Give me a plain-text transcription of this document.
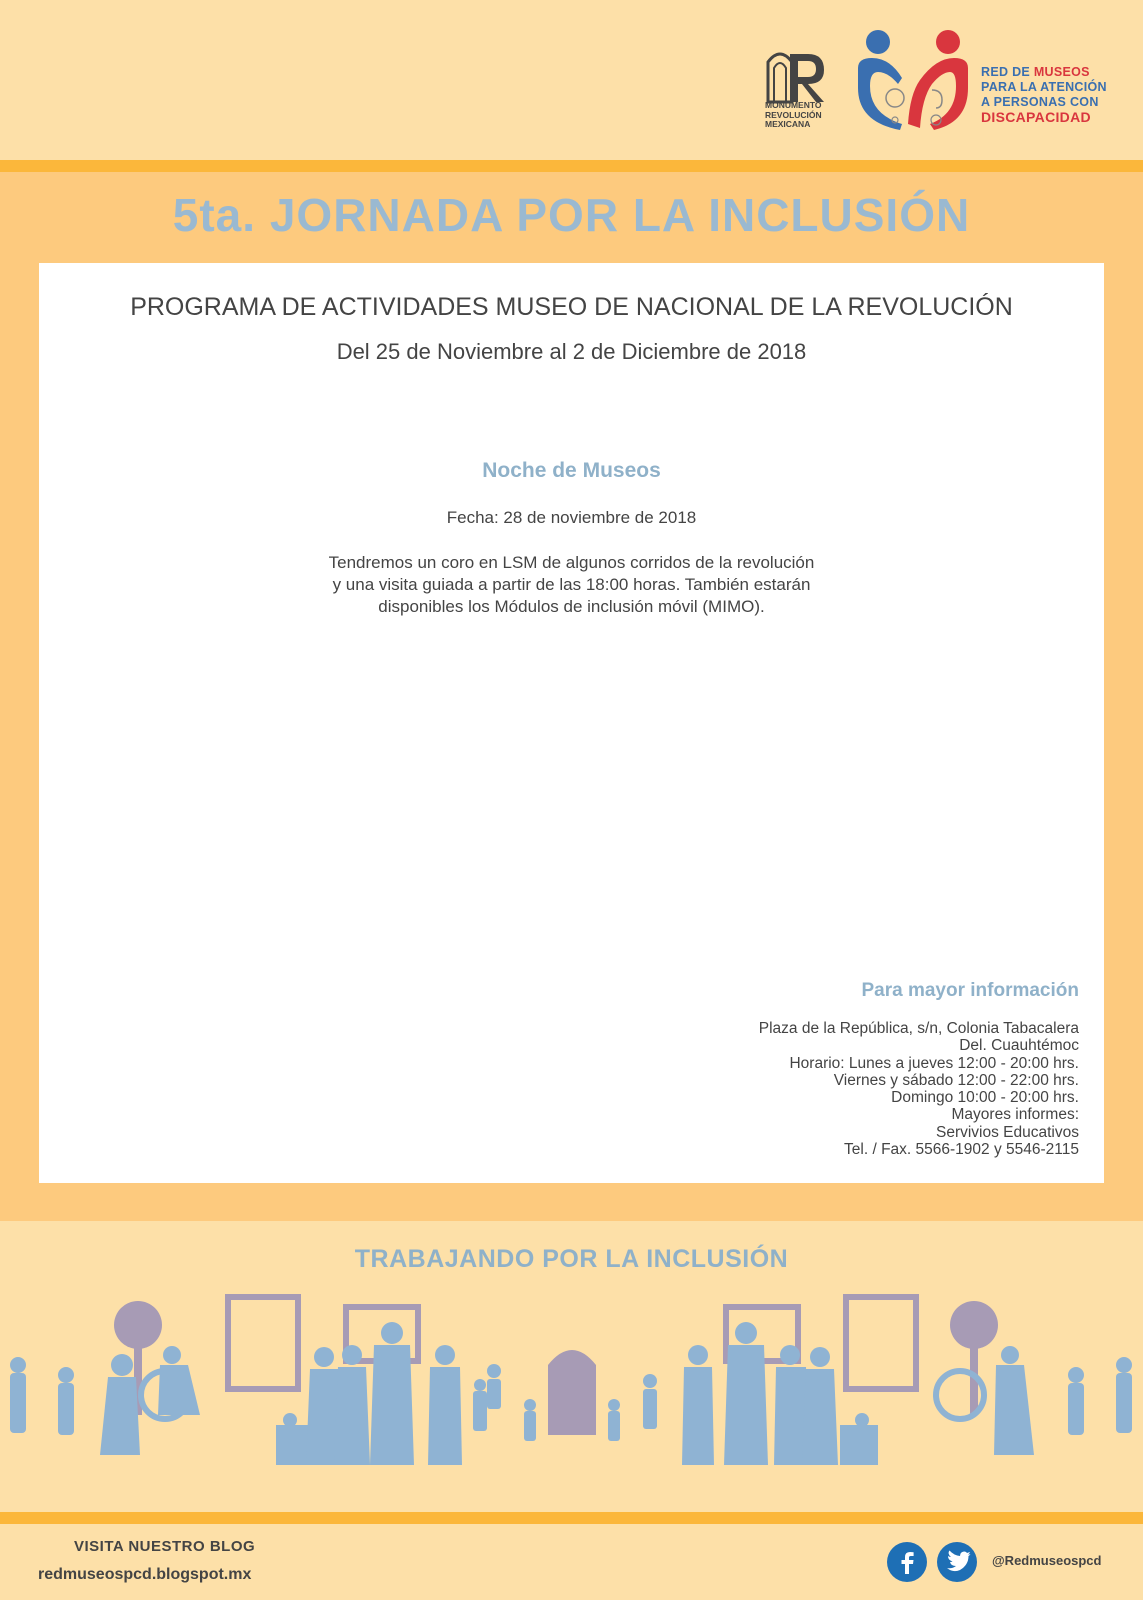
MONUMENTO
REVOLUCIÓN
MEXICANA
RED DE MUSEOS
PARA LA ATENCIÓN
A PERSONAS CON
DISCAPACIDAD
5ta. JORNADA POR LA INCLUSIÓN
PROGRAMA DE ACTIVIDADES MUSEO DE NACIONAL DE LA REVOLUCIÓN
Del 25 de Noviembre al 2 de Diciembre de 2018
Noche de Museos
Fecha: 28 de noviembre de 2018
Tendremos un coro en LSM de algunos corridos de la revolución y una visita guiada a partir de las 18:00 horas. También estarán disponibles los Módulos de inclusión móvil (MIMO).
Para mayor información
Plaza de la República, s/n, Colonia Tabacalera
Del. Cuauhtémoc
Horario: Lunes a jueves 12:00 - 20:00 hrs.
Viernes y sábado 12:00 - 22:00 hrs.
Domingo 10:00 - 20:00 hrs.
Mayores informes:
Servivios Educativos
Tel. / Fax. 5566-1902 y 5546-2115
TRABAJANDO POR LA INCLUSIÓN
VISITA NUESTRO BLOG
redmuseospcd.blogspot.mx
@Redmuseospcd
